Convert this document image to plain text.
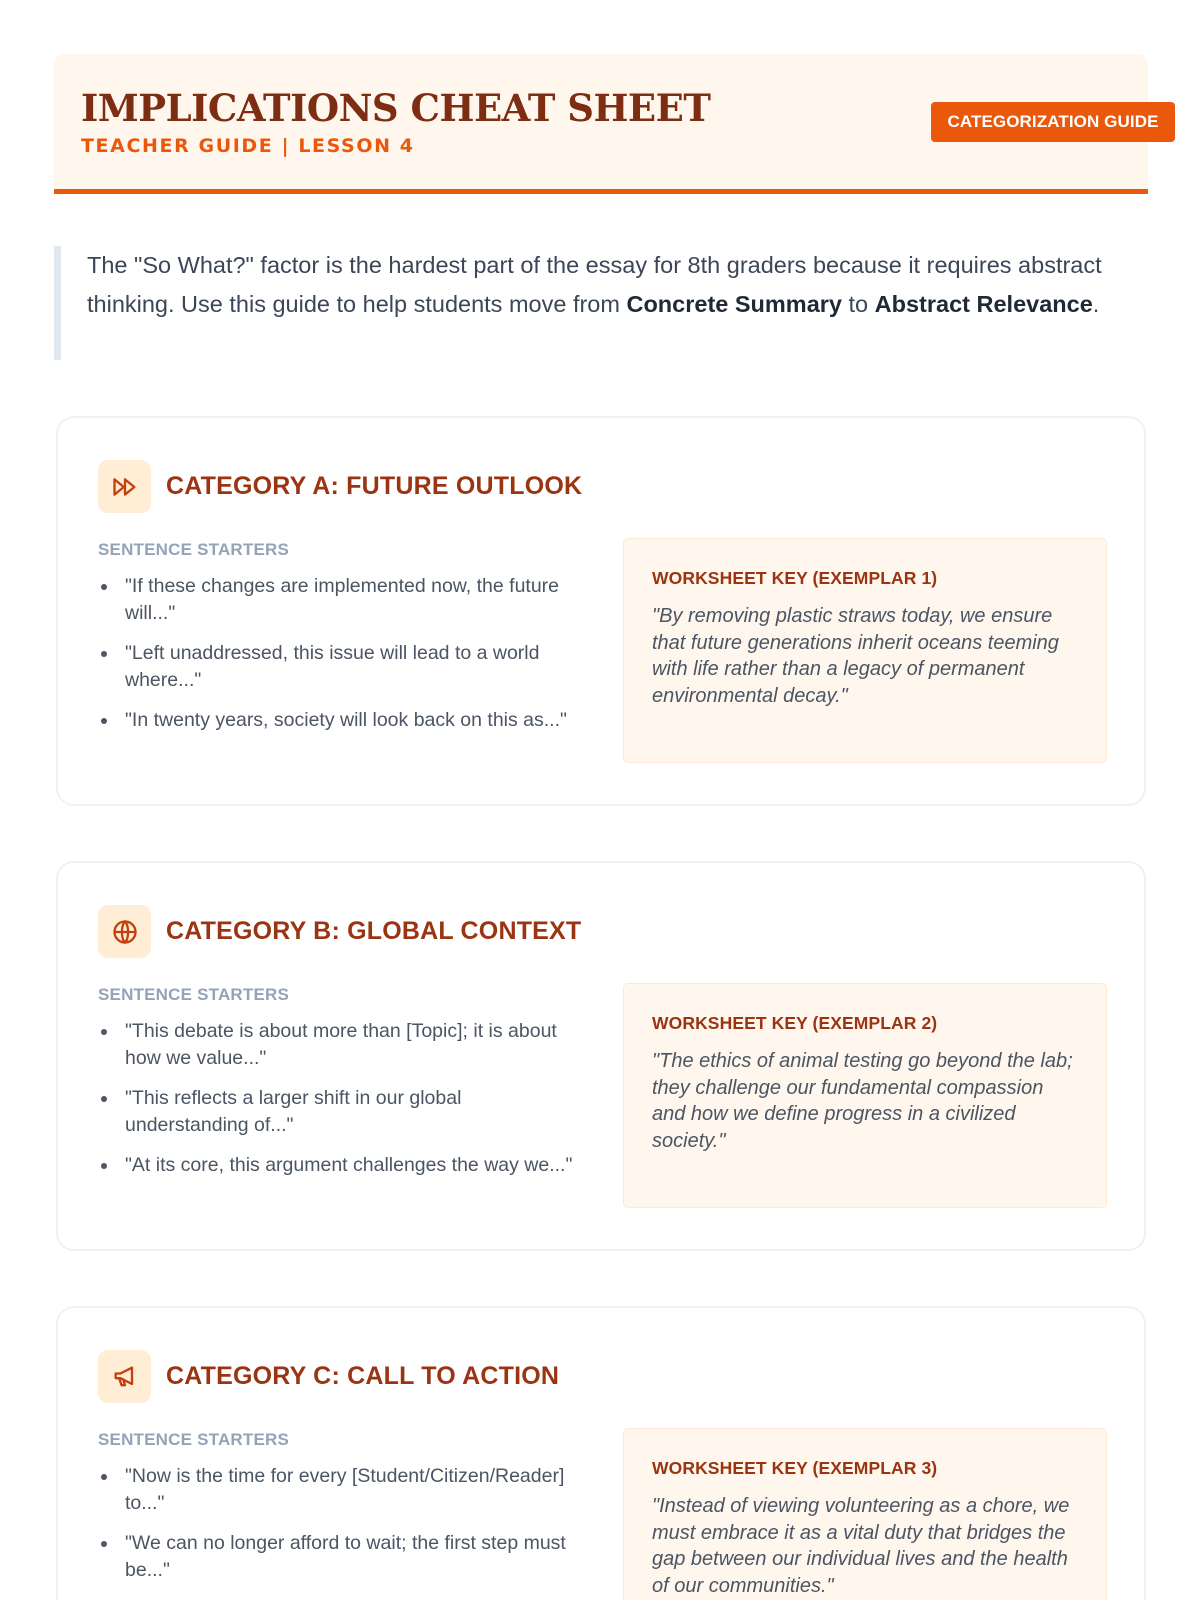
IMPLICATIONS CHEAT SHEET
TEACHER GUIDE | LESSON 4
CATEGORIZATION GUIDE
The "So What?" factor is the hardest part of the essay for 8th graders because it requires abstract thinking. Use this guide to help students move from Concrete Summary to Abstract Relevance.
CATEGORY A: FUTURE OUTLOOK
SENTENCE STARTERS
"If these changes are implemented now, the future will..."
"Left unaddressed, this issue will lead to a world where..."
"In twenty years, society will look back on this as..."
WORKSHEET KEY (EXEMPLAR 1)
"By removing plastic straws today, we ensure that future generations inherit oceans teeming with life rather than a legacy of permanent environmental decay."
CATEGORY B: GLOBAL CONTEXT
SENTENCE STARTERS
"This debate is about more than [Topic]; it is about how we value..."
"This reflects a larger shift in our global understanding of..."
"At its core, this argument challenges the way we..."
WORKSHEET KEY (EXEMPLAR 2)
"The ethics of animal testing go beyond the lab; they challenge our fundamental compassion and how we define progress in a civilized society."
CATEGORY C: CALL TO ACTION
SENTENCE STARTERS
"Now is the time for every [Student/Citizen/Reader] to..."
"We can no longer afford to wait; the first step must be..."
WORKSHEET KEY (EXEMPLAR 3)
"Instead of viewing volunteering as a chore, we must embrace it as a vital duty that bridges the gap between our individual lives and the health of our communities."
